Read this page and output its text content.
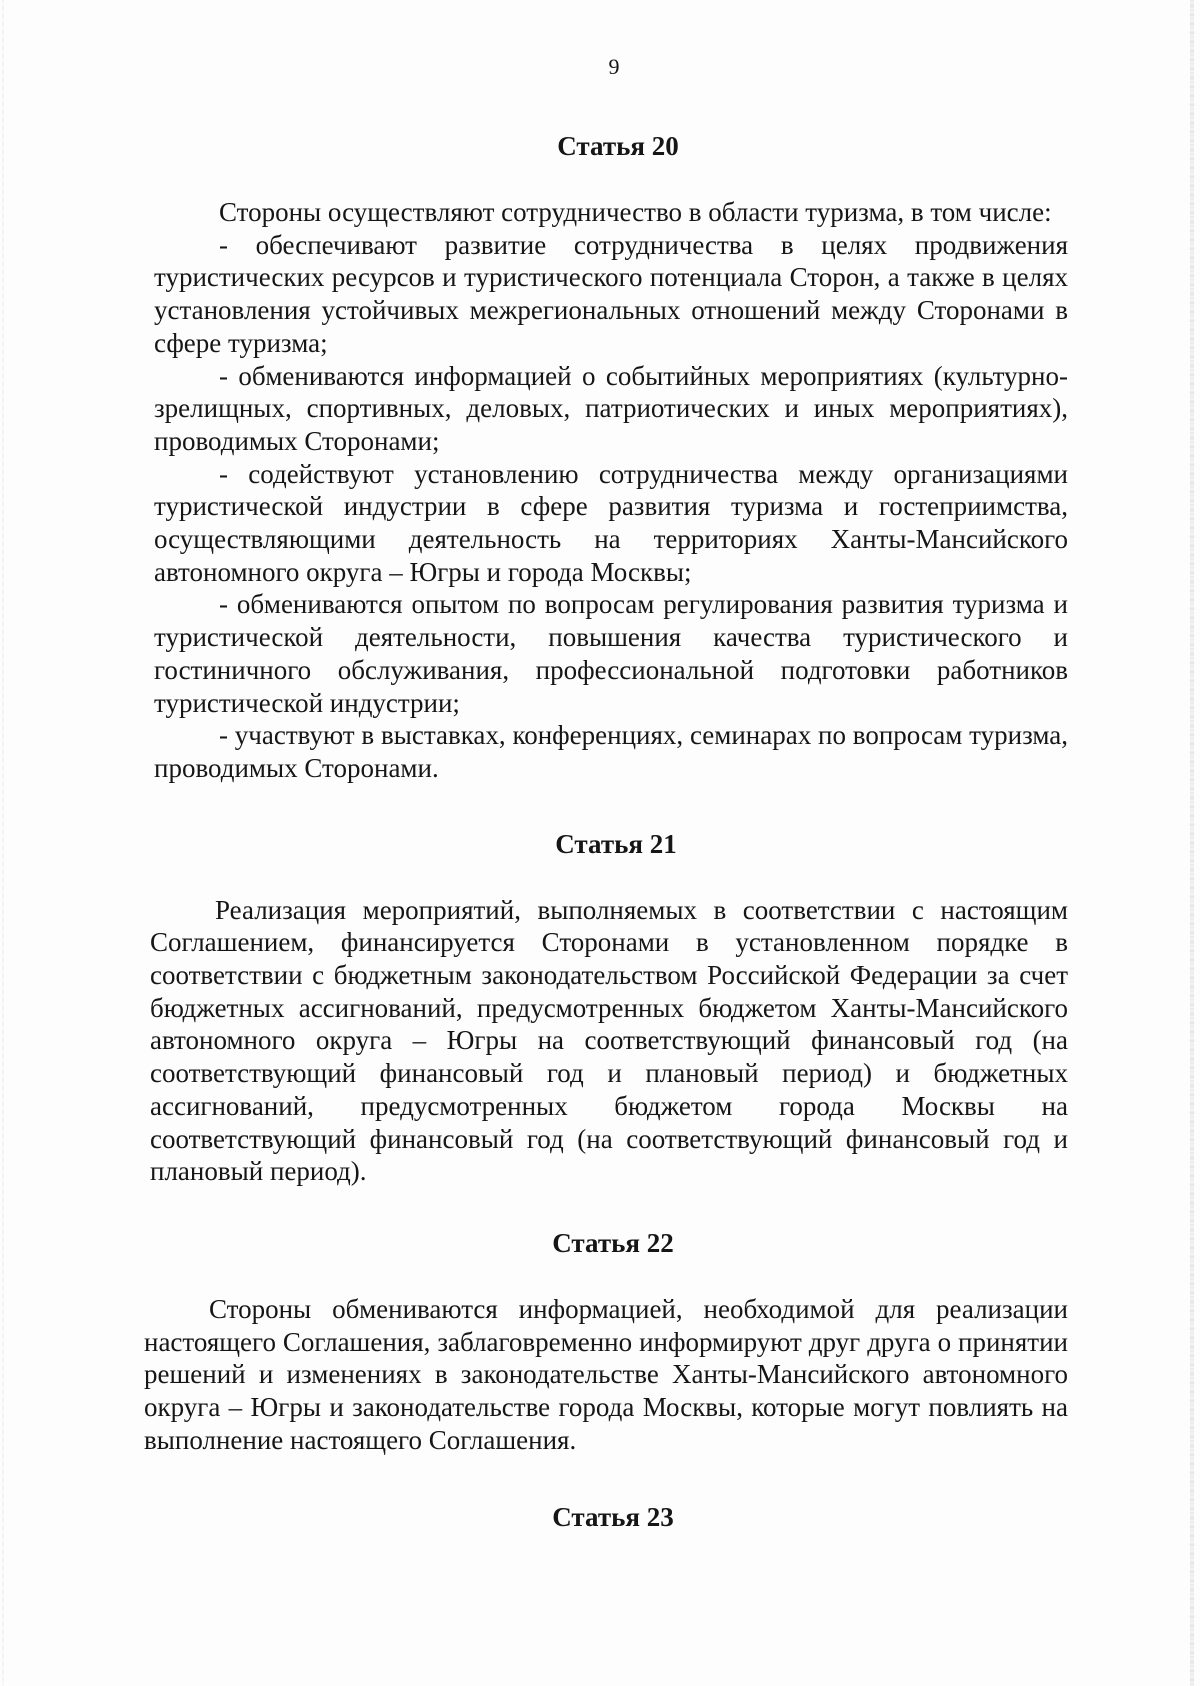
9
Статья 20

Стороны осуществляют сотрудничество в области туризма, в том числе:

- обеспечивают развитие сотрудничества в целях продвижения туристических ресурсов и туристического потенциала Сторон, а также в целях установления устойчивых межрегиональных отношений между Сторонами в сфере туризма;

- обмениваются информацией о событийных мероприятиях (культурно-зрелищных, спортивных, деловых, патриотических и иных мероприятиях), проводимых Сторонами;

- содействуют установлению сотрудничества между организациями туристической индустрии в сфере развития туризма и гостеприимства, осуществляющими деятельность на территориях Ханты-Мансийского автономного округа – Югры и города Москвы;

- обмениваются опытом по вопросам регулирования развития туризма и туристической деятельности, повышения качества туристического и гостиничного обслуживания, профессиональной подготовки работников туристической индустрии;

- участвуют в выставках, конференциях, семинарах по вопросам туризма, проводимых Сторонами.

Статья 21

Реализация мероприятий, выполняемых в соответствии с настоящим Соглашением, финансируется Сторонами в установленном порядке в соответствии с бюджетным законодательством Российской Федерации за счет бюджетных ассигнований, предусмотренных бюджетом Ханты-Мансийского автономного округа – Югры на соответствующий финансовый год (на соответствующий финансовый год и плановый период) и бюджетных ассигнований, предусмотренных бюджетом города Москвы на соответствующий финансовый год (на соответствующий финансовый год и плановый период).

Статья 22

Стороны обмениваются информацией, необходимой для реализации настоящего Соглашения, заблаговременно информируют друг друга о принятии решений и изменениях в законодательстве Ханты-Мансийского автономного округа – Югры и законодательстве города Москвы, которые могут повлиять на выполнение настоящего Соглашения.

Статья 23
